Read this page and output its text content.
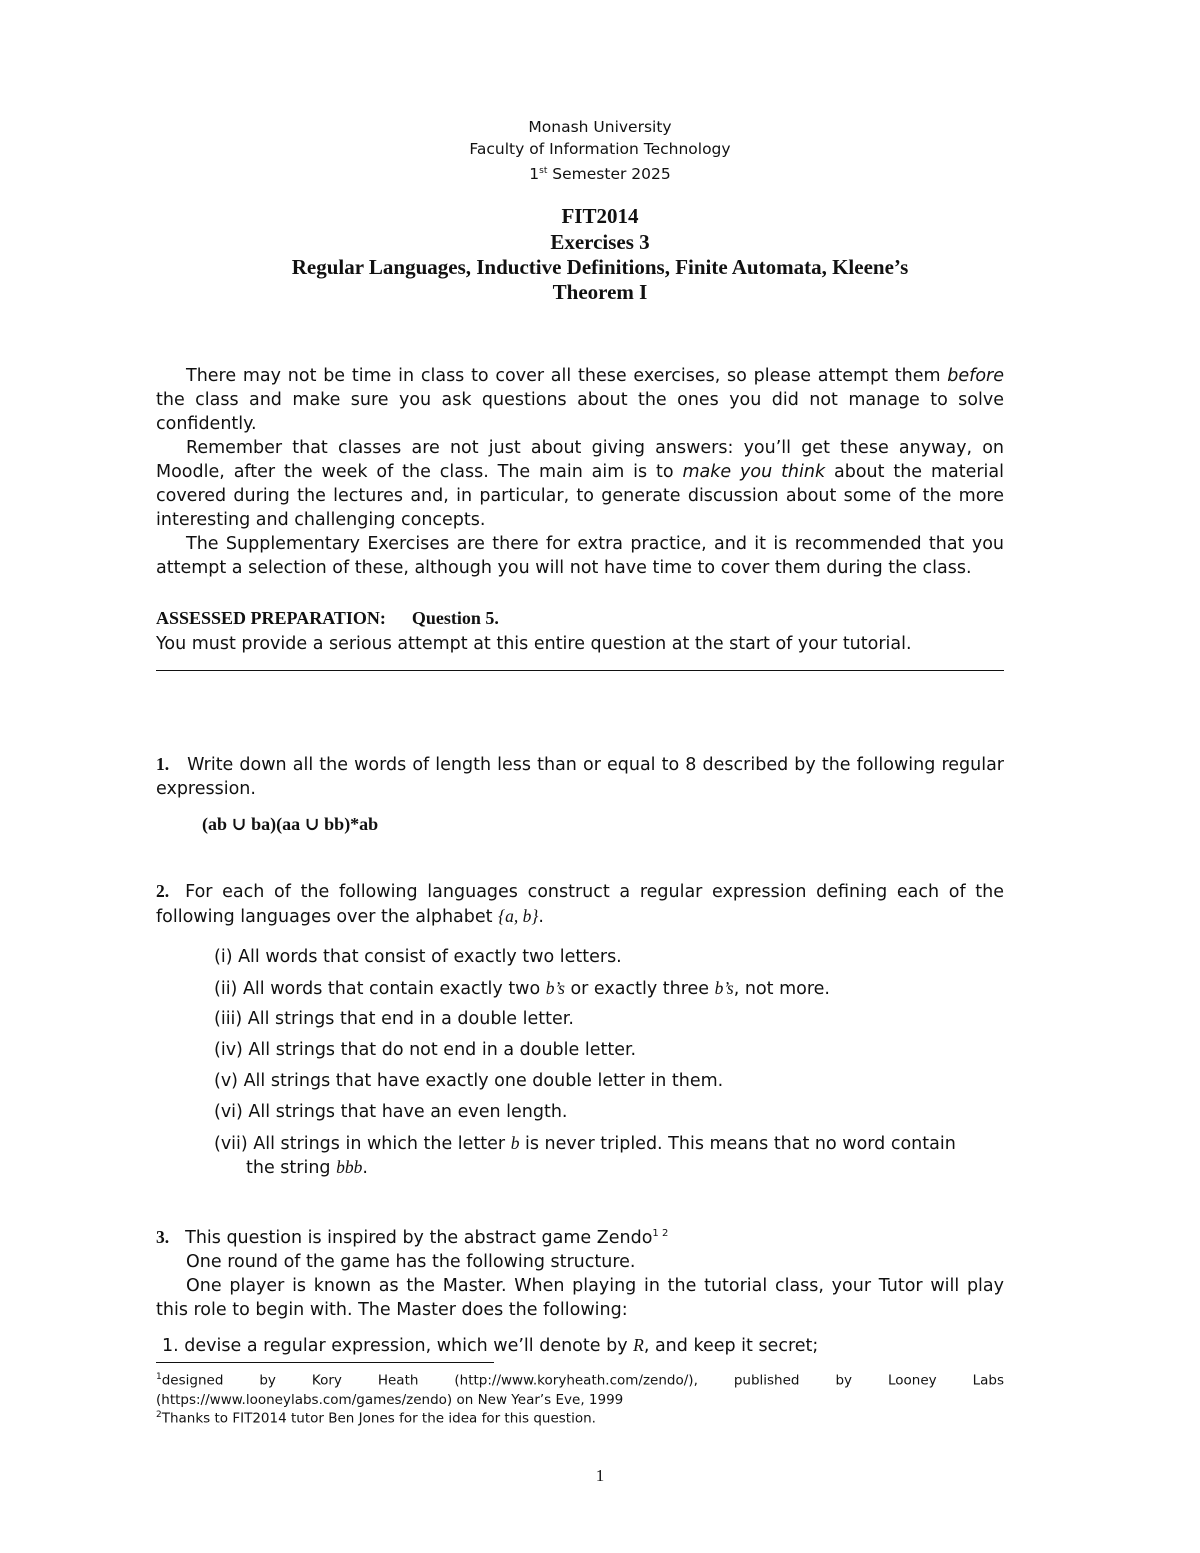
Monash University
Faculty of Information Technology
1st Semester 2025
FIT2014
Exercises 3
Regular Languages, Inductive Definitions, Finite Automata, Kleene’s
Theorem I

There may not be time in class to cover all these exercises, so please attempt them before the class and make sure you ask questions about the ones you did not manage to solve confidently.

Remember that classes are not just about giving answers: you’ll get these anyway, on Moodle, after the week of the class. The main aim is to make you think about the material covered during the lectures and, in particular, to generate discussion about some of the more interesting and challenging concepts.

The Supplementary Exercises are there for extra practice, and it is recommended that you attempt a selection of these, although you will not have time to cover them during the class.

ASSESSED PREPARATION: Question 5.
You must provide a serious attempt at this entire question at the start of your tutorial.
1. Write down all the words of length less than or equal to 8 described by the following regular expression.
(ab ∪ ba)(aa ∪ bb)*ab
2. For each of the following languages construct a regular expression defining each of the following languages over the alphabet {a, b}.
(i) All words that consist of exactly two letters.
(ii) All words that contain exactly two b’s or exactly three b’s, not more.
(iii) All strings that end in a double letter.
(iv) All strings that do not end in a double letter.
(v) All strings that have exactly one double letter in them.
(vi) All strings that have an even length.
(vii) All strings in which the letter b is never tripled. This means that no word contain
the string bbb.
3. This question is inspired by the abstract game Zendo$^{1 2}$

One round of the game has the following structure.

One player is known as the Master. When playing in the tutorial class, your Tutor will play this role to begin with. The Master does the following:

1. devise a regular expression, which we’ll denote by R, and keep it secret;
$^1$designed by Kory Heath (http://www.koryheath.com/zendo/), published by Looney Labs (https://www.looneylabs.com/games/zendo) on New Year’s Eve, 1999
$^2$Thanks to FIT2014 tutor Ben Jones for the idea for this question.
1
